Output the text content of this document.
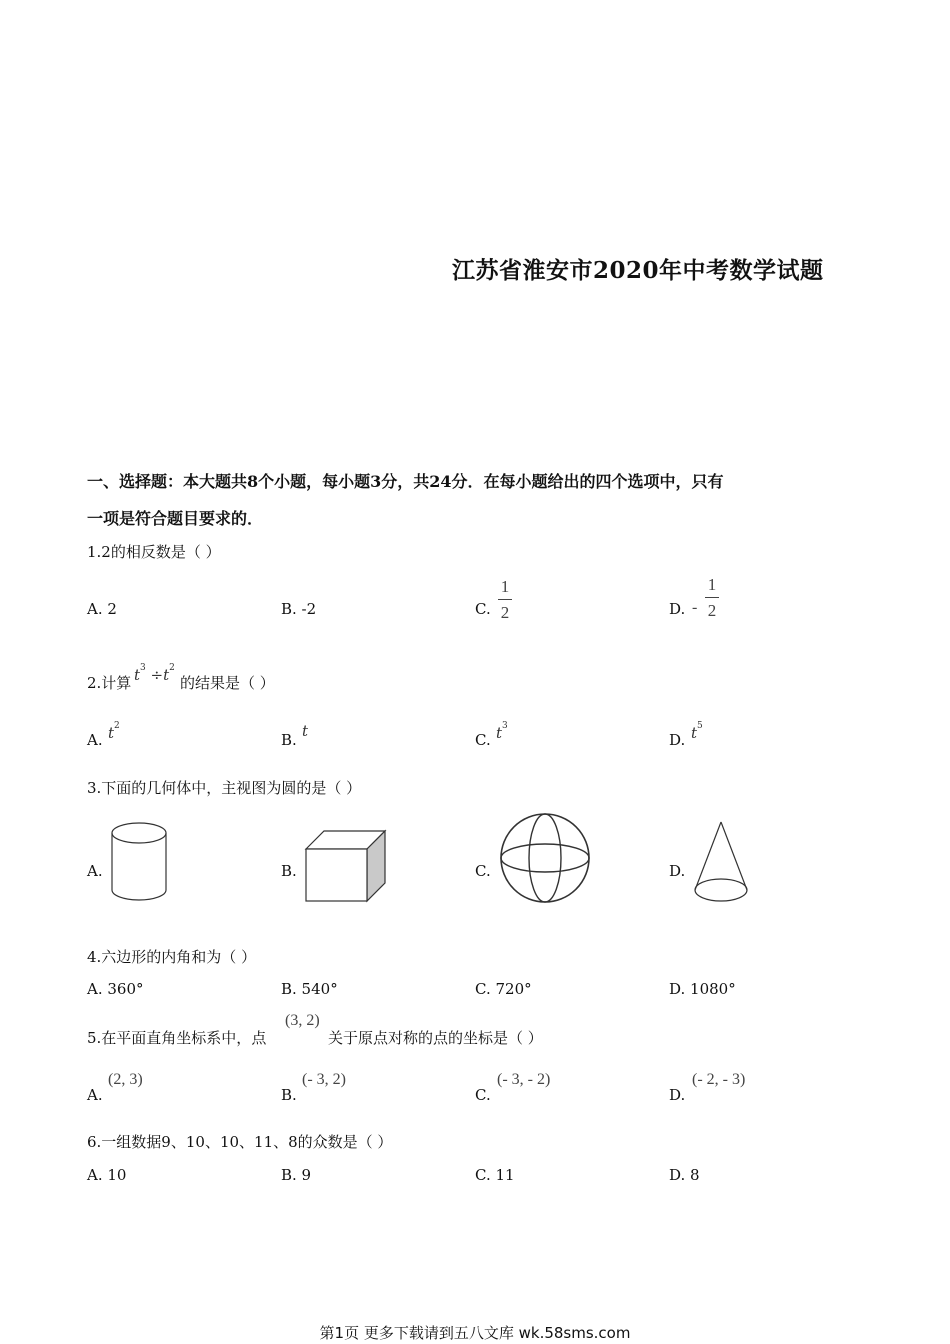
江苏省淮安市2020年中考数学试题
一、选择题：本大题共8个小题，每小题3分，共24分．在每小题给出的四个选项中，只有
一项是符合题目要求的．
1.2的相反数是（ ）
A. 2	B. -2	C. $\frac{1}{2}$	D. - $\frac{1}{2}$
2.计算 $t^3 \div t^2$
的结果是（ ）
A. $t^2$
B. t	C. $t^3$
D. $t^5$
3.下面的几何体中，主视图为圆的是（ ）
A.	B.	C.	D.
4.六边形的内角和为（ ）
A. 360°	B. 540°	C. 720°	D. 1080°
5.在平面直角坐标系中，点
(3, 2)
关于原点对称的点的坐标是（ ）
A.
(2, 3)
B.
(- 3, 2)
C.
(- 3, - 2)
D.
(- 2, - 3)
6.一组数据9、10、10、11、8的众数是（ ）
A. 10	B. 9	C. 11	D. 8
第1页 更多下载请到五八文库 wk.58sms.com
